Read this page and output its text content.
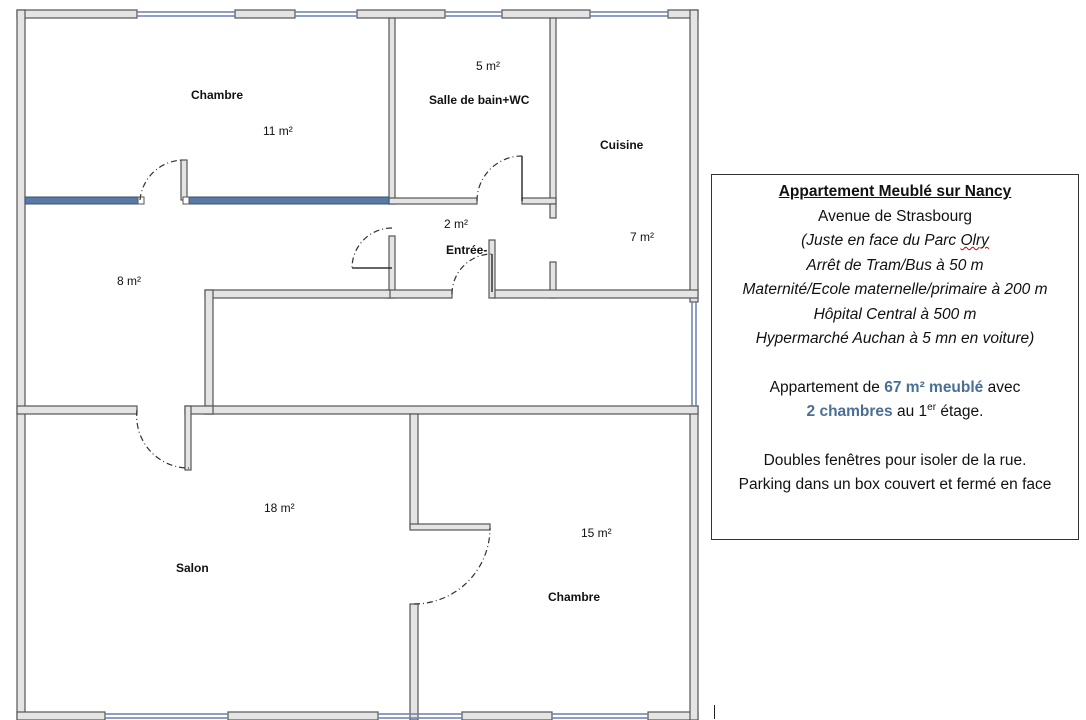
Chambre
11 m²
5 m²
Salle de bain+WC
Cuisine
7 m²
2 m²
Entrée-
8 m²
18 m²
Salon
15 m²
Chambre
Appartement Meublé sur Nancy
Avenue de Strasbourg
(Juste en face du Parc Olry
Arrêt de Tram/Bus à 50 m
Maternité/Ecole maternelle/primaire à 200 m
Hôpital Central à 500 m
Hypermarché Auchan à 5 mn en voiture)
Appartement de 67 m² meublé avec
2 chambres au 1er étage.
Doubles fenêtres pour isoler de la rue.
Parking dans un box couvert et fermé en face
